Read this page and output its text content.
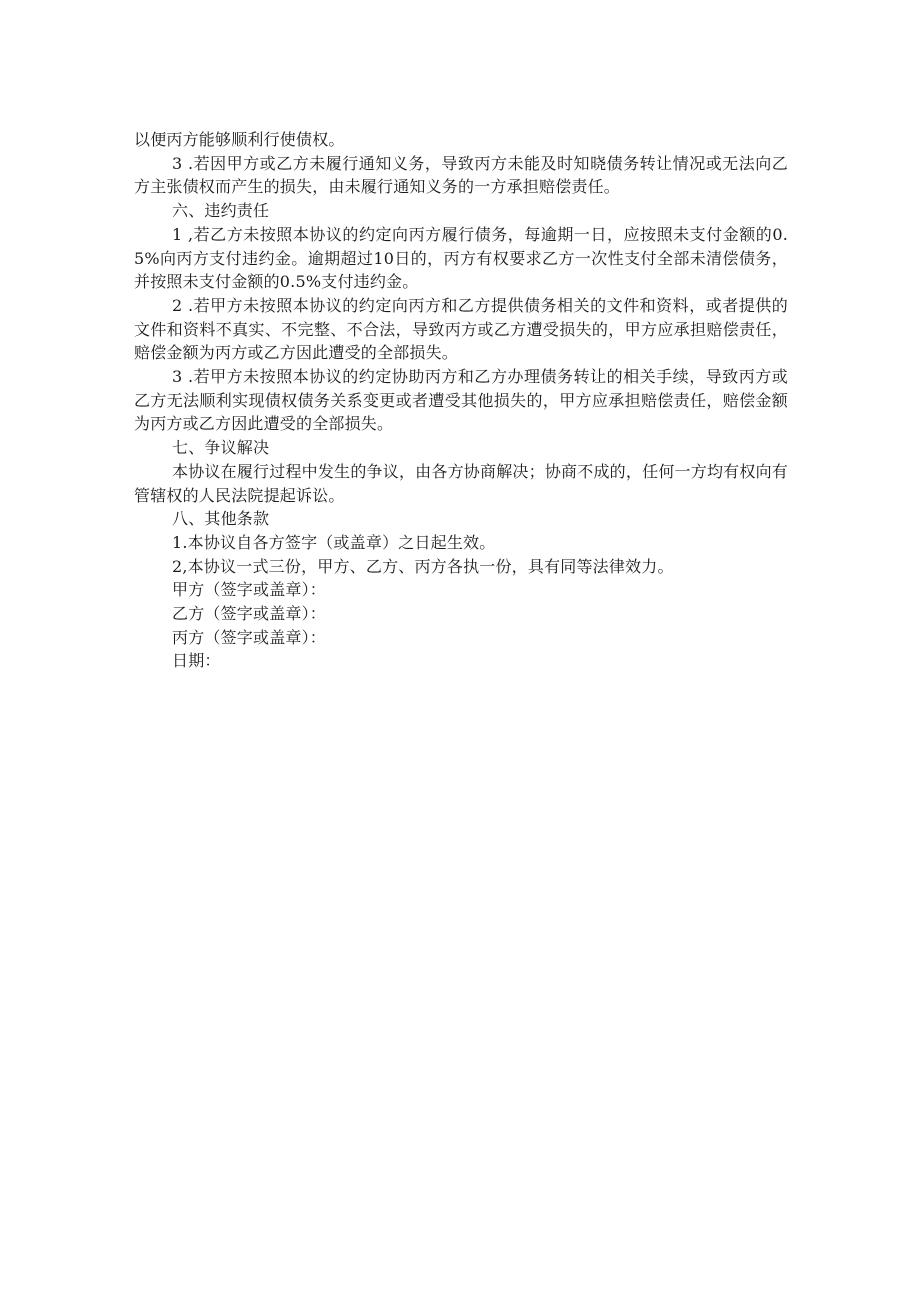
以便丙方能够顺利行使债权。

3 .若因甲方或乙方未履行通知义务，导致丙方未能及时知晓债务转让情况或无法向乙方主张债权而产生的损失，由未履行通知义务的一方承担赔偿责任。

六、违约责任

1 ,若乙方未按照本协议的约定向丙方履行债务，每逾期一日，应按照未支付金额的0.5%向丙方支付违约金。逾期超过10日的，丙方有权要求乙方一次性支付全部未清偿债务，并按照未支付金额的0.5%支付违约金。

2 .若甲方未按照本协议的约定向丙方和乙方提供债务相关的文件和资料，或者提供的文件和资料不真实、不完整、不合法，导致丙方或乙方遭受损失的，甲方应承担赔偿责任，赔偿金额为丙方或乙方因此遭受的全部损失。

3 .若甲方未按照本协议的约定协助丙方和乙方办理债务转让的相关手续，导致丙方或乙方无法顺利实现债权债务关系变更或者遭受其他损失的，甲方应承担赔偿责任，赔偿金额为丙方或乙方因此遭受的全部损失。

七、争议解决

本协议在履行过程中发生的争议，由各方协商解决；协商不成的，任何一方均有权向有管辖权的人民法院提起诉讼。

八、其他条款

1.本协议自各方签字（或盖章）之日起生效。

2,本协议一式三份，甲方、乙方、丙方各执一份，具有同等法律效力。

甲方（签字或盖章）：

乙方（签字或盖章）：

丙方（签字或盖章）：

日期：
